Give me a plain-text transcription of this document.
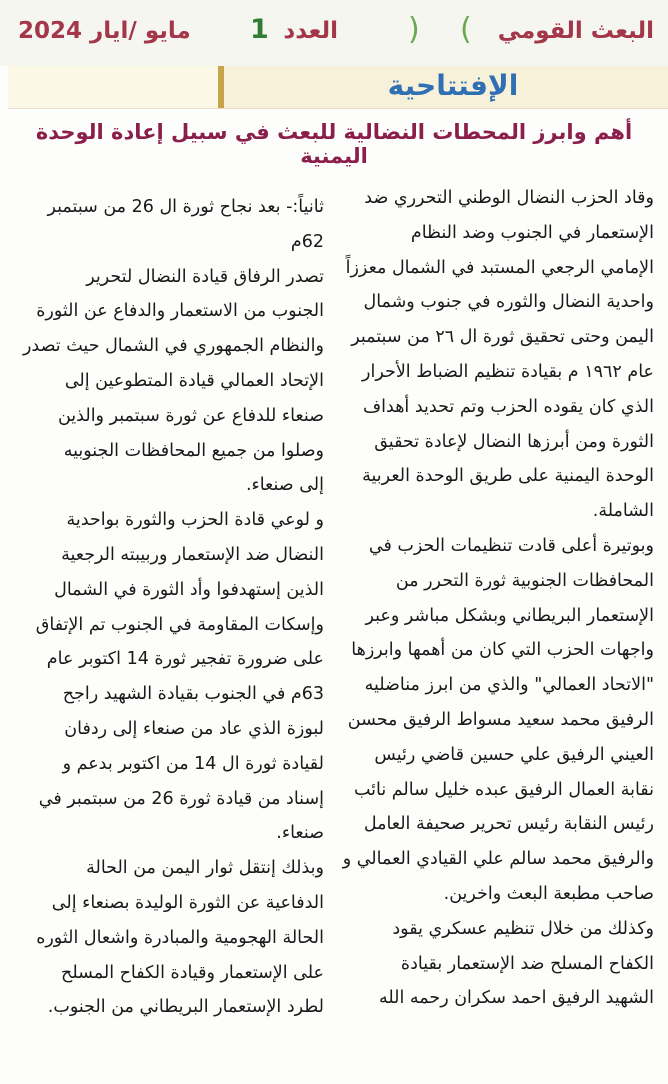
البعث القومي
العدد ( )
1
مايو /ايار 2024
الإفتتاحية
أهم وابرز المحطات النضالية للبعث في سبيل إعادة الوحدة اليمنية
وقاد الحزب النضال الوطني التحرري ضد
الإستعمار في الجنوب وضد النظام
الإمامي الرجعي المستبد في الشمال معززاً
واحدية النضال والثوره في جنوب وشمال
اليمن وحتى تحقيق ثورة ال ٢٦ من سبتمبر
عام ١٩٦٢ م بقيادة تنظيم الضباط الأحرار
الذي كان يقوده الحزب وتم تحديد أهداف
الثورة ومن أبرزها النضال لإعادة تحقيق
الوحدة اليمنية على طريق الوحدة العربية
الشاملة.
وبوتيرة أعلى قادت تنظيمات الحزب في
المحافظات الجنوبية ثورة التحرر من
الإستعمار البريطاني وبشكل مباشر وعبر
واجهات الحزب التي كان من أهمها وابرزها
"الاتحاد العمالي" والذي من ابرز مناضليه
الرفيق محمد سعيد مسواط الرفيق محسن
العيني الرفيق علي حسين قاضي رئيس
نقابة العمال الرفيق عبده خليل سالم نائب
رئيس النقابة رئيس تحرير صحيفة العامل
والرفيق محمد سالم علي القيادي العمالي و
صاحب مطبعة البعث واخرين.
وكذلك من خلال تنظيم عسكري يقود
الكفاح المسلح ضد الإستعمار بقيادة
الشهيد الرفيق احمد سكران رحمه الله
ثانياً:- بعد نجاح ثورة ال 26 من سبتمبر
62م
تصدر الرفاق قيادة النضال لتحرير
الجنوب من الاستعمار والدفاع عن الثورة
والنظام الجمهوري في الشمال حيث تصدر
الإتحاد العمالي قيادة المتطوعين إلى
صنعاء للدفاع عن ثورة سبتمبر والذين
وصلوا من جميع المحافظات الجنوبيه
إلى صنعاء.
و لوعي قادة الحزب والثورة بواحدية
النضال ضد الإستعمار وربيبته الرجعية
الذين إستهدفوا وأد الثورة في الشمال
وإسكات المقاومة في الجنوب تم الإتفاق
على ضرورة تفجير ثورة 14 اكتوبر عام
63م في الجنوب بقيادة الشهيد راجح
لبوزة الذي عاد من صنعاء إلى ردفان
لقيادة ثورة ال 14 من اكتوبر بدعم و
إسناد من قيادة ثورة 26 من سبتمبر في
صنعاء.
وبذلك إنتقل ثوار اليمن من الحالة
الدفاعية عن الثورة الوليدة بصنعاء إلى
الحالة الهجومية والمبادرة واشعال الثوره
على الإستعمار وقيادة الكفاح المسلح
لطرد الإستعمار البريطاني من الجنوب.
